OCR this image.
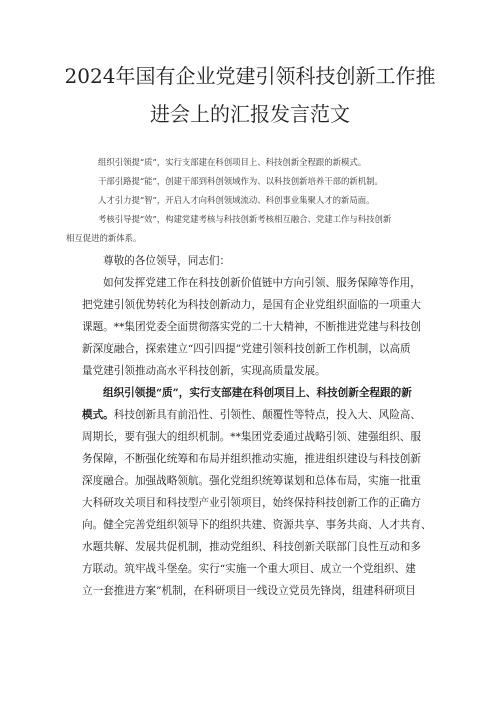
2024年国有企业党建引领科技创新工作推
进会上的汇报发言范文

组织引领提“质”，实行支部建在科创项目上、科技创新全程跟的新模式。

干部引路提“能”，创建干部到科创领域作为、以科技创新培养干部的新机制。

人才引力提“智”，开启人才向科创领域流动、科创事业集聚人才的新局面。

考核引导提“效”，构建党建考核与科技创新考核相互融合、党建工作与科技创新

相互促进的新体系。

尊敬的各位领导，同志们：

如何发挥党建工作在科技创新价值链中方向引领、服务保障等作用，

把党建引领优势转化为科技创新动力，是国有企业党组织面临的一项重大

课题。**集团党委全面贯彻落实党的二十大精神，不断推进党建与科技创

新深度融合，探索建立“四引四提”党建引领科技创新工作机制，以高质

量党建引领推动高水平科技创新，实现高质量发展。

组织引领提“质”，实行支部建在科创项目上、科技创新全程跟的新

模式。科技创新具有前沿性、引领性、颠覆性等特点，投入大、风险高、

周期长，要有强大的组织机制。**集团党委通过战略引领、建强组织、服

务保障，不断强化统筹和布局并组织推动实施，推进组织建设与科技创新

深度融合。加强战略领航。强化党组织统筹谋划和总体布局，实施一批重

大科研攻关项目和科技型产业引领项目，始终保持科技创新工作的正确方

向。健全完善党组织领导下的组织共建、资源共享、事务共商、人才共育、

水题共解、发展共促机制，推动党组织、科技创新关联部门良性互动和多

方联动。筑牢战斗堡垒。实行“实施一个重大项目、成立一个党组织、建

立一套推进方案”机制，在科研项目一线设立党员先锋岗，组建科研项目
